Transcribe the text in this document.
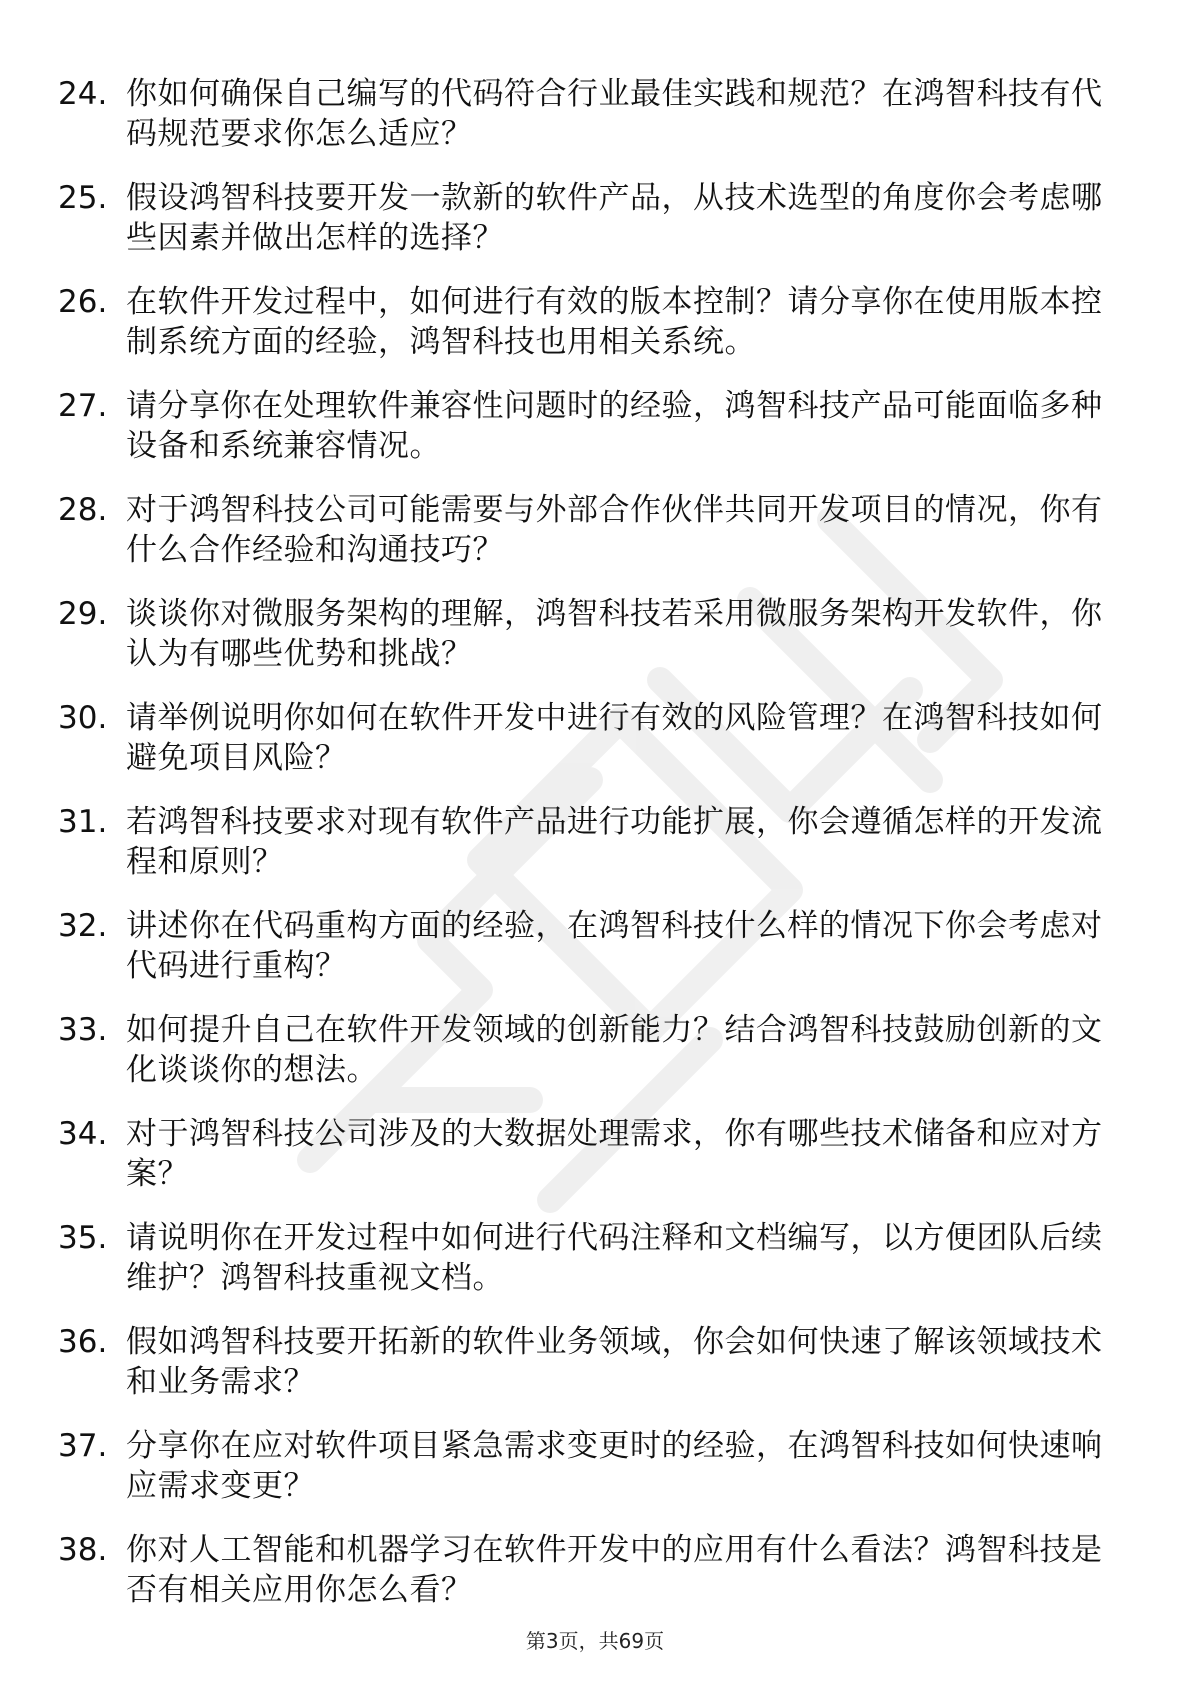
24. 你如何确保自己编写的代码符合行业最佳实践和规范？在鸿智科技有代码规范要求你怎么适应？
25. 假设鸿智科技要开发一款新的软件产品，从技术选型的角度你会考虑哪些因素并做出怎样的选择？
26. 在软件开发过程中，如何进行有效的版本控制？请分享你在使用版本控制系统方面的经验，鸿智科技也用相关系统。
27. 请分享你在处理软件兼容性问题时的经验，鸿智科技产品可能面临多种设备和系统兼容情况。
28. 对于鸿智科技公司可能需要与外部合作伙伴共同开发项目的情况，你有什么合作经验和沟通技巧？
29. 谈谈你对微服务架构的理解，鸿智科技若采用微服务架构开发软件，你认为有哪些优势和挑战？
30. 请举例说明你如何在软件开发中进行有效的风险管理？在鸿智科技如何避免项目风险？
31. 若鸿智科技要求对现有软件产品进行功能扩展，你会遵循怎样的开发流程和原则？
32. 讲述你在代码重构方面的经验，在鸿智科技什么样的情况下你会考虑对代码进行重构？
33. 如何提升自己在软件开发领域的创新能力？结合鸿智科技鼓励创新的文化谈谈你的想法。
34. 对于鸿智科技公司涉及的大数据处理需求，你有哪些技术储备和应对方案？
35. 请说明你在开发过程中如何进行代码注释和文档编写，以方便团队后续维护？鸿智科技重视文档。
36. 假如鸿智科技要开拓新的软件业务领域，你会如何快速了解该领域技术和业务需求？
37. 分享你在应对软件项目紧急需求变更时的经验，在鸿智科技如何快速响应需求变更？
38. 你对人工智能和机器学习在软件开发中的应用有什么看法？鸿智科技是否有相关应用你怎么看？
第3页，共69页
